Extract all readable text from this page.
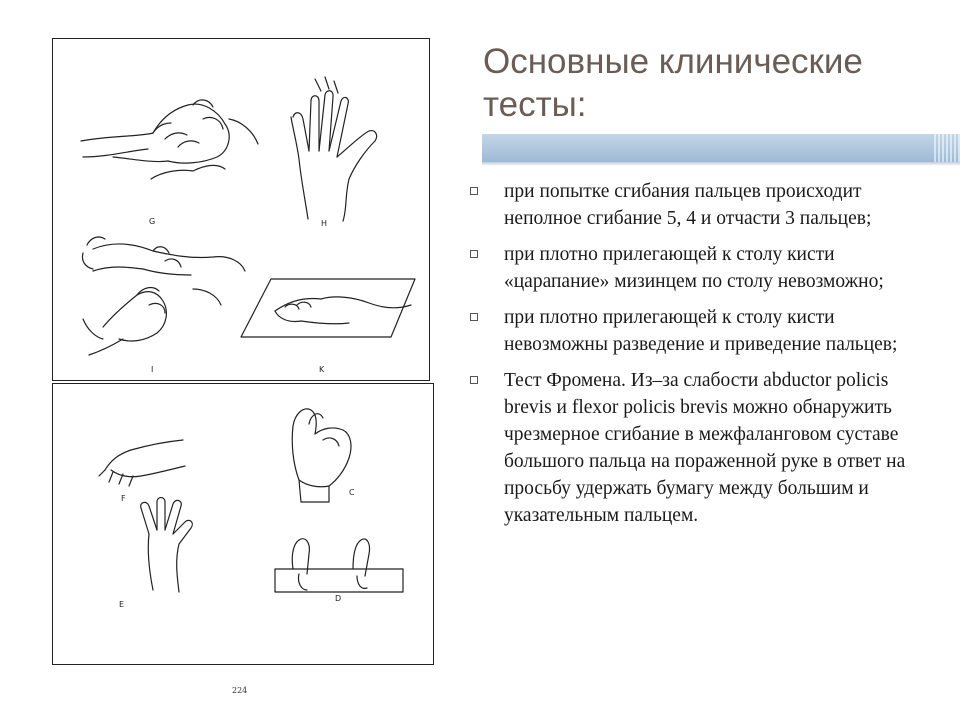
Основные клинические тесты:
при попытке сгибания пальцев происходит неполное сгибание 5, 4 и отчасти 3 пальцев;
при плотно прилегающей к столу кисти «царапание» мизинцем по столу невозможно;
при плотно прилегающей к столу кисти невозможны разведение и приведение пальцев;
Тест Фромена. Из–за слабости abductor policis brevis и flexor policis brevis можно обнаружить чрезмерное сгибание в межфаланговом суставе большого пальца на пораженной руке в ответ на просьбу удержать бумагу между большим и указательным пальцем.
G	H
I	K
F
C
E
D
224
